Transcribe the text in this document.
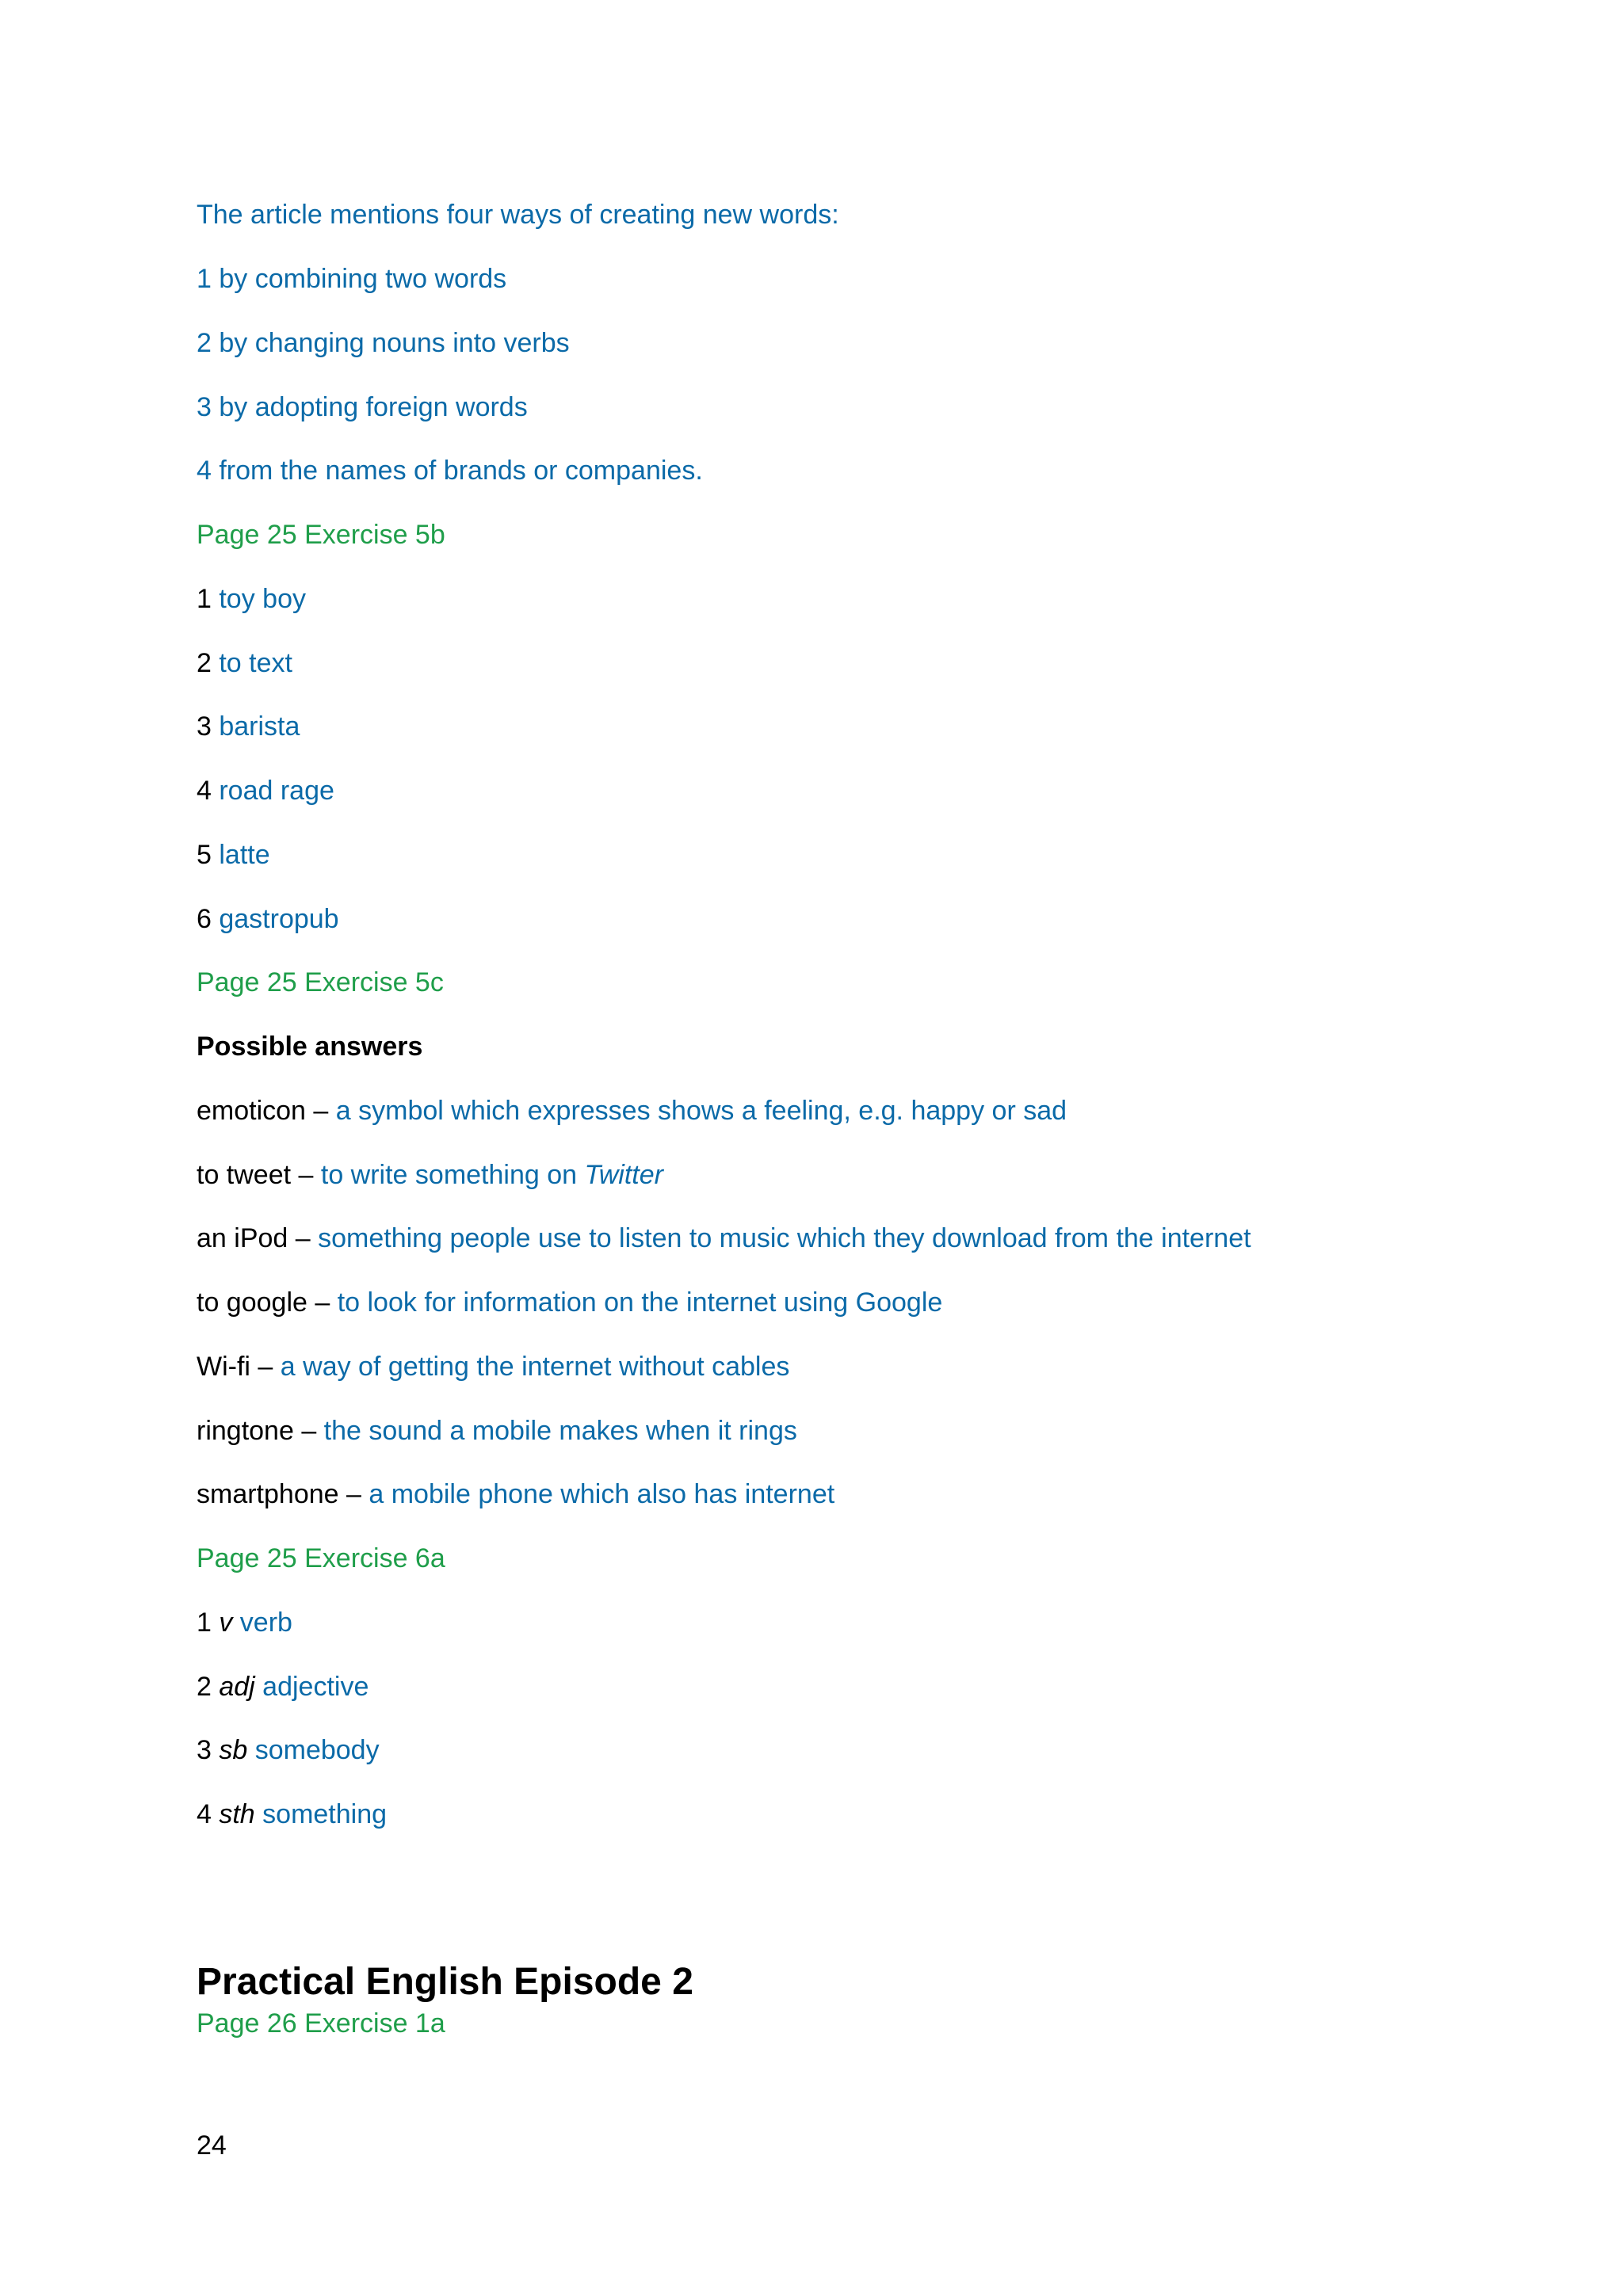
The article mentions four ways of creating new words:
1 by combining two words
2 by changing nouns into verbs
3 by adopting foreign words
4 from the names of brands or companies.
Page 25 Exercise 5b
1 toy boy
2 to text
3 barista
4 road rage
5 latte
6 gastropub
Page 25 Exercise 5c
Possible answers
emoticon – a symbol which expresses shows a feeling, e.g. happy or sad
to tweet – to write something on Twitter
an iPod – something people use to listen to music which they download from the internet
to google – to look for information on the internet using Google
Wi-fi – a way of getting the internet without cables
ringtone – the sound a mobile makes when it rings
smartphone – a mobile phone which also has internet
Page 25 Exercise 6a
1 v verb
2 adj adjective
3 sb somebody
4 sth something
Practical English Episode 2
Page 26 Exercise 1a
24
